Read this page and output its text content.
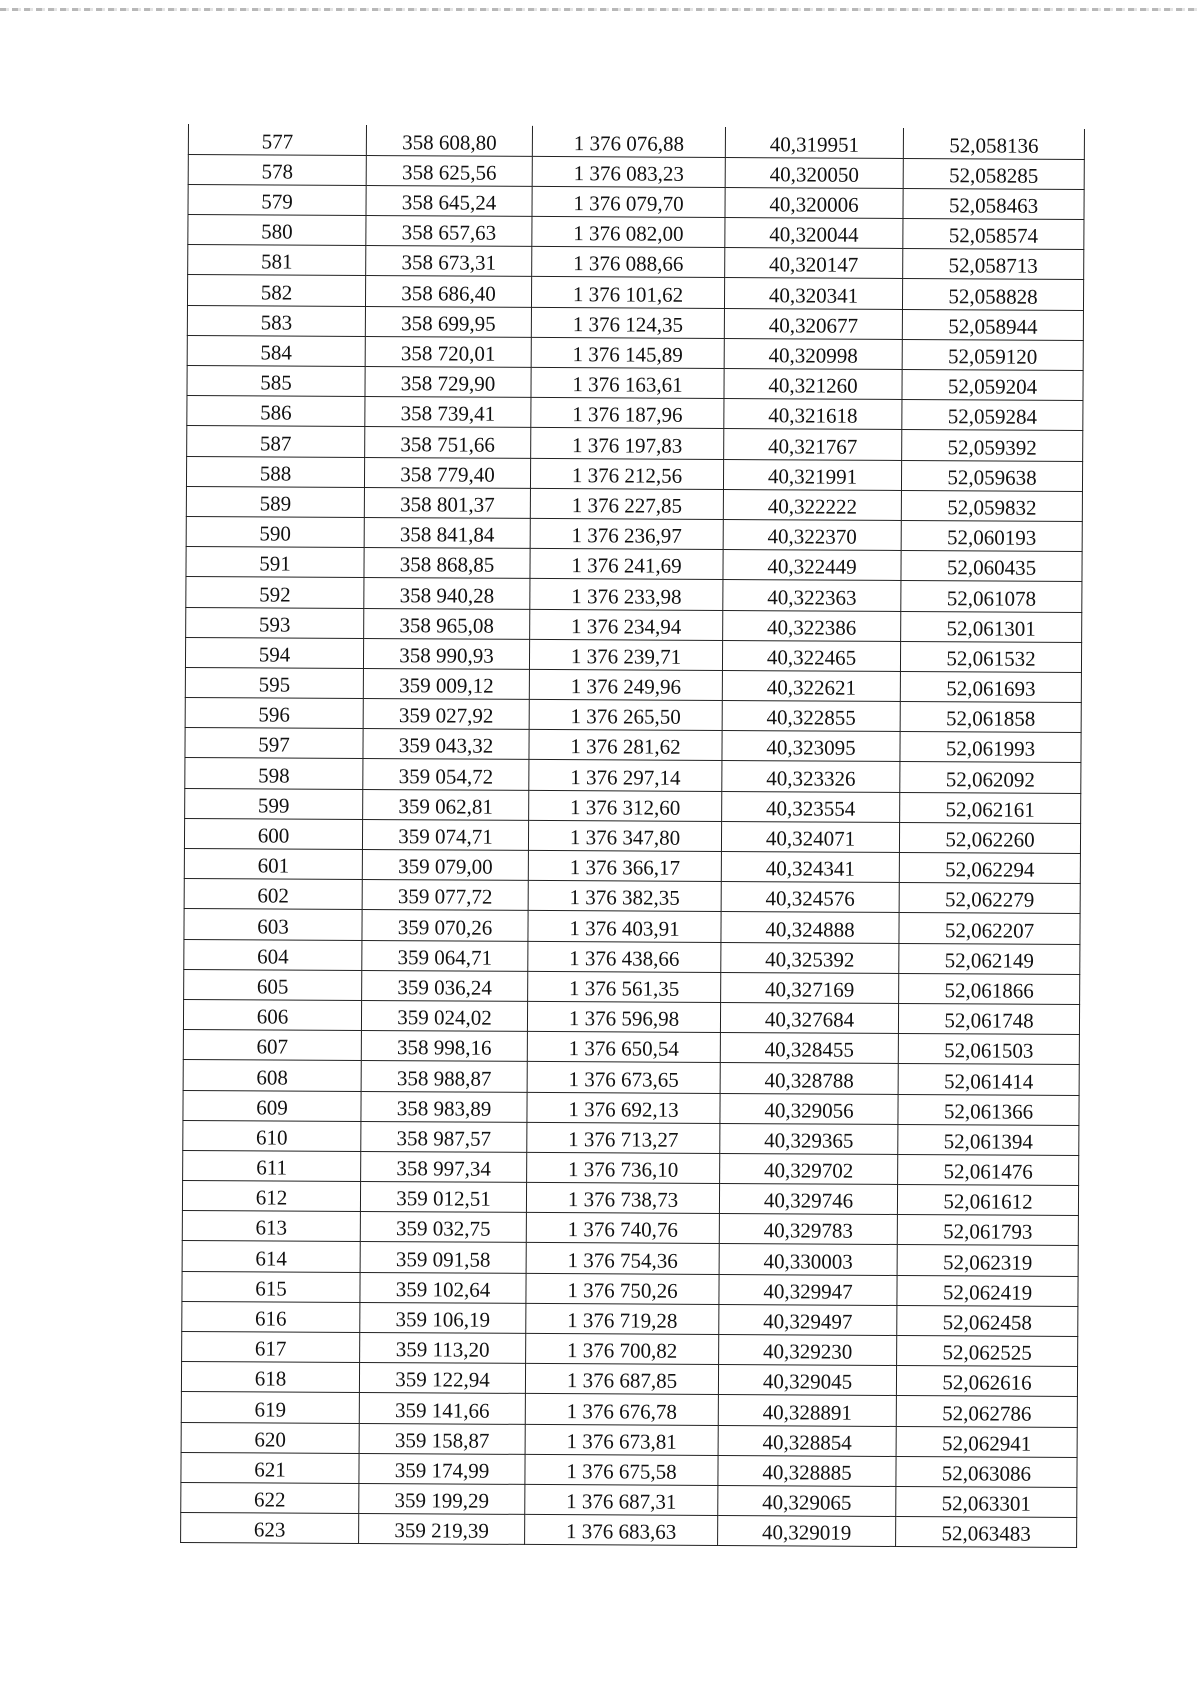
577	358 608,80	1 376 076,88	40,319951	52,058136
578	358 625,56	1 376 083,23	40,320050	52,058285
579	358 645,24	1 376 079,70	40,320006	52,058463
580	358 657,63	1 376 082,00	40,320044	52,058574
581	358 673,31	1 376 088,66	40,320147	52,058713
582	358 686,40	1 376 101,62	40,320341	52,058828
583	358 699,95	1 376 124,35	40,320677	52,058944
584	358 720,01	1 376 145,89	40,320998	52,059120
585	358 729,90	1 376 163,61	40,321260	52,059204
586	358 739,41	1 376 187,96	40,321618	52,059284
587	358 751,66	1 376 197,83	40,321767	52,059392
588	358 779,40	1 376 212,56	40,321991	52,059638
589	358 801,37	1 376 227,85	40,322222	52,059832
590	358 841,84	1 376 236,97	40,322370	52,060193
591	358 868,85	1 376 241,69	40,322449	52,060435
592	358 940,28	1 376 233,98	40,322363	52,061078
593	358 965,08	1 376 234,94	40,322386	52,061301
594	358 990,93	1 376 239,71	40,322465	52,061532
595	359 009,12	1 376 249,96	40,322621	52,061693
596	359 027,92	1 376 265,50	40,322855	52,061858
597	359 043,32	1 376 281,62	40,323095	52,061993
598	359 054,72	1 376 297,14	40,323326	52,062092
599	359 062,81	1 376 312,60	40,323554	52,062161
600	359 074,71	1 376 347,80	40,324071	52,062260
601	359 079,00	1 376 366,17	40,324341	52,062294
602	359 077,72	1 376 382,35	40,324576	52,062279
603	359 070,26	1 376 403,91	40,324888	52,062207
604	359 064,71	1 376 438,66	40,325392	52,062149
605	359 036,24	1 376 561,35	40,327169	52,061866
606	359 024,02	1 376 596,98	40,327684	52,061748
607	358 998,16	1 376 650,54	40,328455	52,061503
608	358 988,87	1 376 673,65	40,328788	52,061414
609	358 983,89	1 376 692,13	40,329056	52,061366
610	358 987,57	1 376 713,27	40,329365	52,061394
611	358 997,34	1 376 736,10	40,329702	52,061476
612	359 012,51	1 376 738,73	40,329746	52,061612
613	359 032,75	1 376 740,76	40,329783	52,061793
614	359 091,58	1 376 754,36	40,330003	52,062319
615	359 102,64	1 376 750,26	40,329947	52,062419
616	359 106,19	1 376 719,28	40,329497	52,062458
617	359 113,20	1 376 700,82	40,329230	52,062525
618	359 122,94	1 376 687,85	40,329045	52,062616
619	359 141,66	1 376 676,78	40,328891	52,062786
620	359 158,87	1 376 673,81	40,328854	52,062941
621	359 174,99	1 376 675,58	40,328885	52,063086
622	359 199,29	1 376 687,31	40,329065	52,063301
623	359 219,39	1 376 683,63	40,329019	52,063483
